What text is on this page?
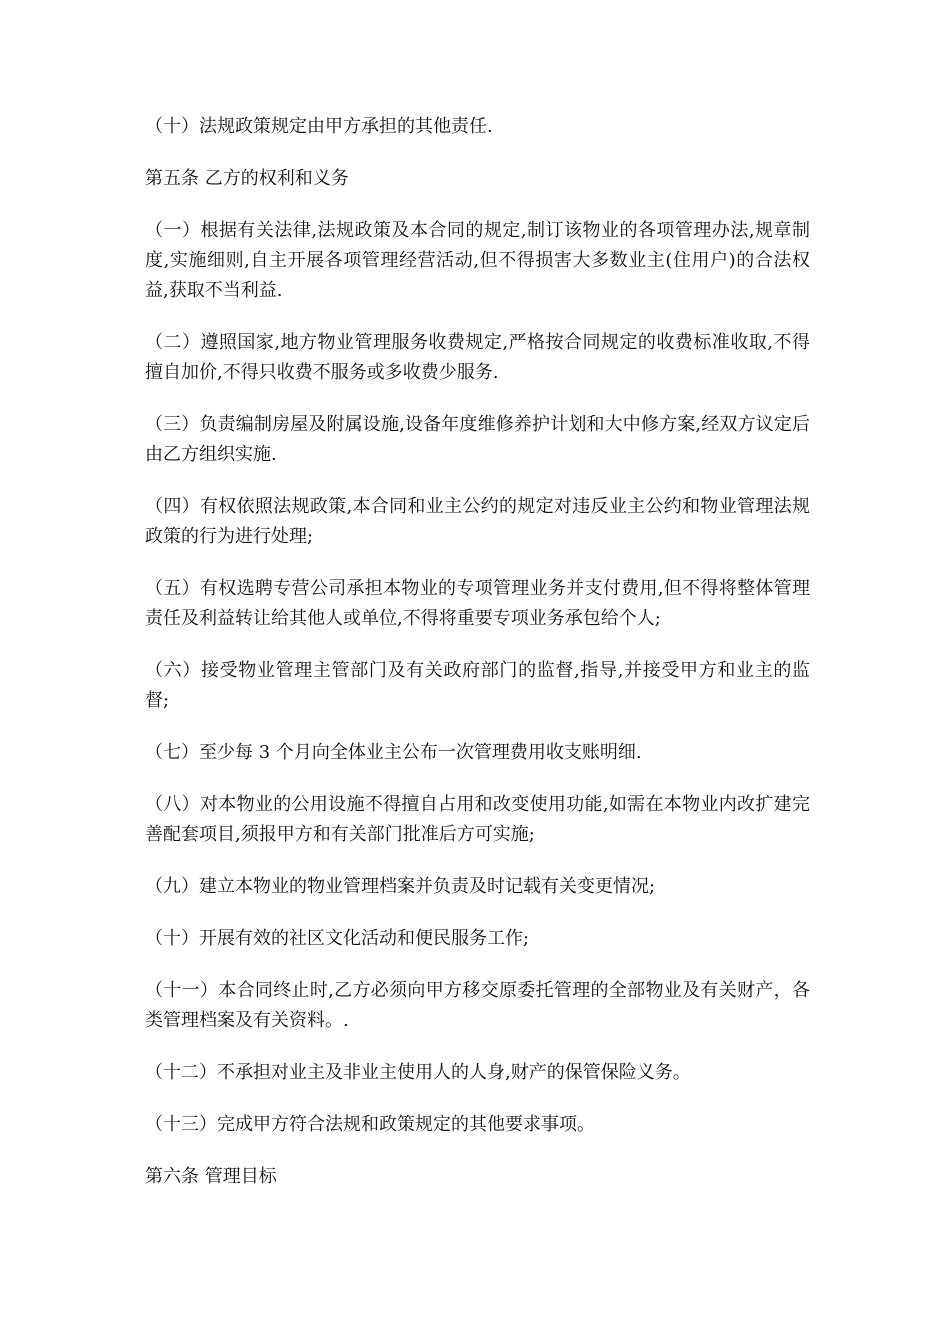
（十）法规政策规定由甲方承担的其他责任.

第五条 乙方的权利和义务

（一）根据有关法律,法规政策及本合同的规定,制订该物业的各项管理办法,规章制度,实施细则,自主开展各项管理经营活动,但不得损害大多数业主(住用户)的合法权益,获取不当利益.

（二）遵照国家,地方物业管理服务收费规定,严格按合同规定的收费标准收取,不得擅自加价,不得只收费不服务或多收费少服务.

（三）负责编制房屋及附属设施,设备年度维修养护计划和大中修方案,经双方议定后由乙方组织实施.

（四）有权依照法规政策,本合同和业主公约的规定对违反业主公约和物业管理法规政策的行为进行处理;

（五）有权选聘专营公司承担本物业的专项管理业务并支付费用,但不得将整体管理责任及利益转让给其他人或单位,不得将重要专项业务承包给个人;

（六）接受物业管理主管部门及有关政府部门的监督,指导,并接受甲方和业主的监督;

（七）至少每 3 个月向全体业主公布一次管理费用收支账明细.

（八）对本物业的公用设施不得擅自占用和改变使用功能,如需在本物业内改扩建完善配套项目,须报甲方和有关部门批准后方可实施;

（九）建立本物业的物业管理档案并负责及时记载有关变更情况;

（十）开展有效的社区文化活动和便民服务工作;

（十一）本合同终止时,乙方必须向甲方移交原委托管理的全部物业及有关财产，各类管理档案及有关资料。.

（十二）不承担对业主及非业主使用人的人身,财产的保管保险义务。

（十三）完成甲方符合法规和政策规定的其他要求事项。

第六条 管理目标
